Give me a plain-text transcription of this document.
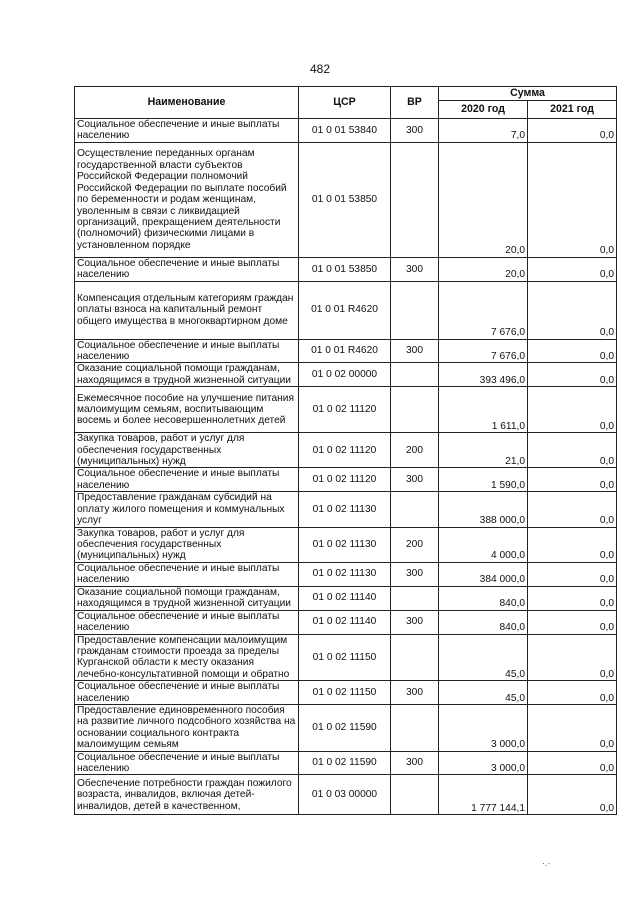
482
Наименование	ЦСР	ВР	Сумма	
			2020 год	2021 год
Социальное обеспечение и иные выплаты населению	01 0 01 53840	300	7,0	0,0
Осуществление переданных органам государственной власти субъектов Российской Федерации полномочий Российской Федерации по выплате пособий по беременности и родам женщинам, уволенным в связи с ликвидацией организаций, прекращением деятельности (полномочий) физическими лицами в установленном порядке	01 0 01 53850		20,0	0,0
Социальное обеспечение и иные выплаты населению	01 0 01 53850	300	20,0	0,0
Компенсация отдельным категориям граждан оплаты взноса на капитальный ремонт общего имущества в многоквартирном доме	01 0 01 R4620		7 676,0	0,0
Социальное обеспечение и иные выплаты населению	01 0 01 R4620	300	7 676,0	0,0
Оказание социальной помощи гражданам, находящимся в трудной жизненной ситуации	01 0 02 00000		393 496,0	0,0
Ежемесячное пособие на улучшение питания малоимущим семьям, воспитывающим восемь и более несовершеннолетних детей	01 0 02 11120		1 611,0	0,0
Закупка товаров, работ и услуг для обеспечения государственных (муниципальных) нужд	01 0 02 11120	200	21,0	0,0
Социальное обеспечение и иные выплаты населению	01 0 02 11120	300	1 590,0	0,0
Предоставление гражданам субсидий на оплату жилого помещения и коммунальных услуг	01 0 02 11130		388 000,0	0,0
Закупка товаров, работ и услуг для обеспечения государственных (муниципальных) нужд	01 0 02 11130	200	4 000,0	0,0
Социальное обеспечение и иные выплаты населению	01 0 02 11130	300	384 000,0	0,0
Оказание социальной помощи гражданам, находящимся в трудной жизненной ситуации	01 0 02 11140		840,0	0,0
Социальное обеспечение и иные выплаты населению	01 0 02 11140	300	840,0	0,0
Предоставление компенсации малоимущим гражданам стоимости проезда за пределы Курганской области к месту оказания лечебно-консультативной помощи и обратно	01 0 02 11150		45,0	0,0
Социальное обеспечение и иные выплаты населению	01 0 02 11150	300	45,0	0,0
Предоставление единовременного пособия на развитие личного подсобного хозяйства на основании социального контракта малоимущим семьям	01 0 02 11590		3 000,0	0,0
Социальное обеспечение и иные выплаты населению	01 0 02 11590	300	3 000,0	0,0
Обеспечение потребности граждан пожилого возраста, инвалидов, включая детей-инвалидов, детей в качественном,	01 0 03 00000		1 777 144,1	0,0
·.·
